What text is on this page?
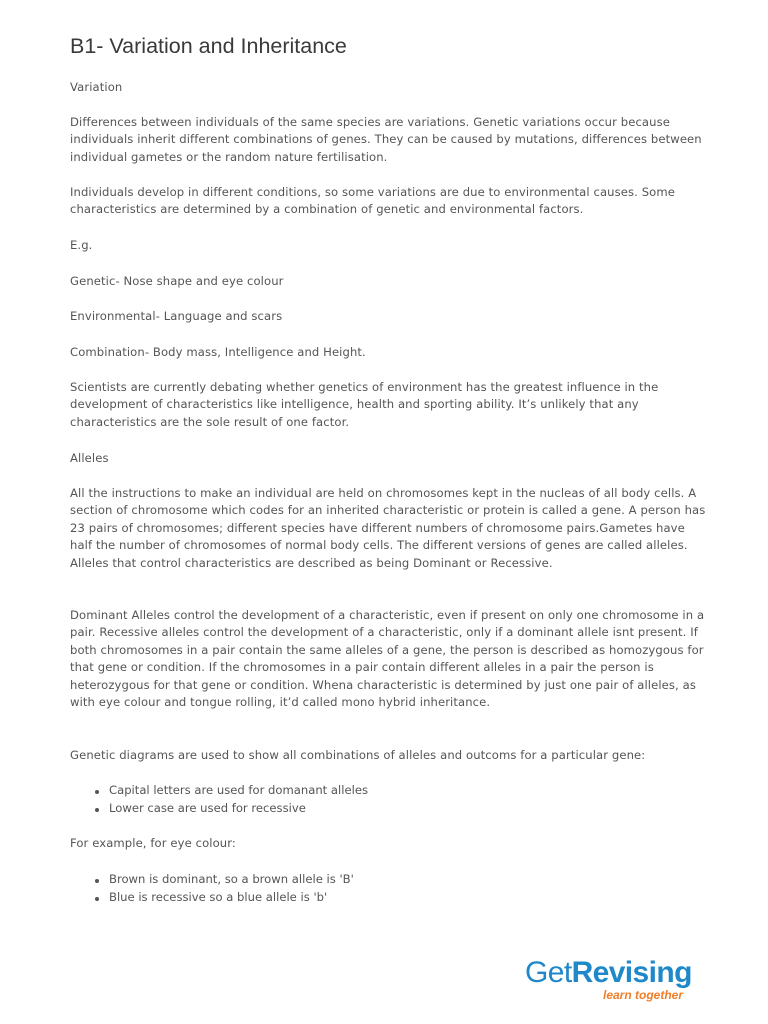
B1- Variation and Inheritance

Variation

Differences between individuals of the same species are variations. Genetic variations occur because individuals inherit different combinations of genes. They can be caused by mutations, differences between individual gametes or the random nature fertilisation.

Individuals develop in different conditions, so some variations are due to environmental causes. Some characteristics are determined by a combination of genetic and environmental factors.

E.g.

Genetic- Nose shape and eye colour

Environmental- Language and scars

Combination- Body mass, Intelligence and Height.

Scientists are currently debating whether genetics of environment has the greatest influence in the development of characteristics like intelligence, health and sporting ability. It’s unlikely that any characteristics are the sole result of one factor.

Alleles

All the instructions to make an individual are held on chromosomes kept in the nucleas of all body cells. A section of chromosome which codes for an inherited characteristic or protein is called a gene. A person has 23 pairs of chromosomes; different species have different numbers of chromosome pairs.Gametes have half the number of chromosomes of normal body cells. The different versions of genes are called alleles. Alleles that control characteristics are described as being Dominant or Recessive.

Dominant Alleles control the development of a characteristic, even if present on only one chromosome in a pair. Recessive alleles control the development of a characteristic, only if a dominant allele isnt present. If both chromosomes in a pair contain the same alleles of a gene, the person is described as homozygous for that gene or condition. If the chromosomes in a pair contain different alleles in a pair the person is heterozygous for that gene or condition. Whena characteristic is determined by just one pair of alleles, as with eye colour and tongue rolling, it’d called mono hybrid inheritance.

Genetic diagrams are used to show all combinations of alleles and outcoms for a particular gene:

Capital letters are used for domanant alleles
Lower case are used for recessive

For example, for eye colour:

Brown is dominant, so a brown allele is 'B'
Blue is recessive so a blue allele is 'b'
GetRevising
learn together
